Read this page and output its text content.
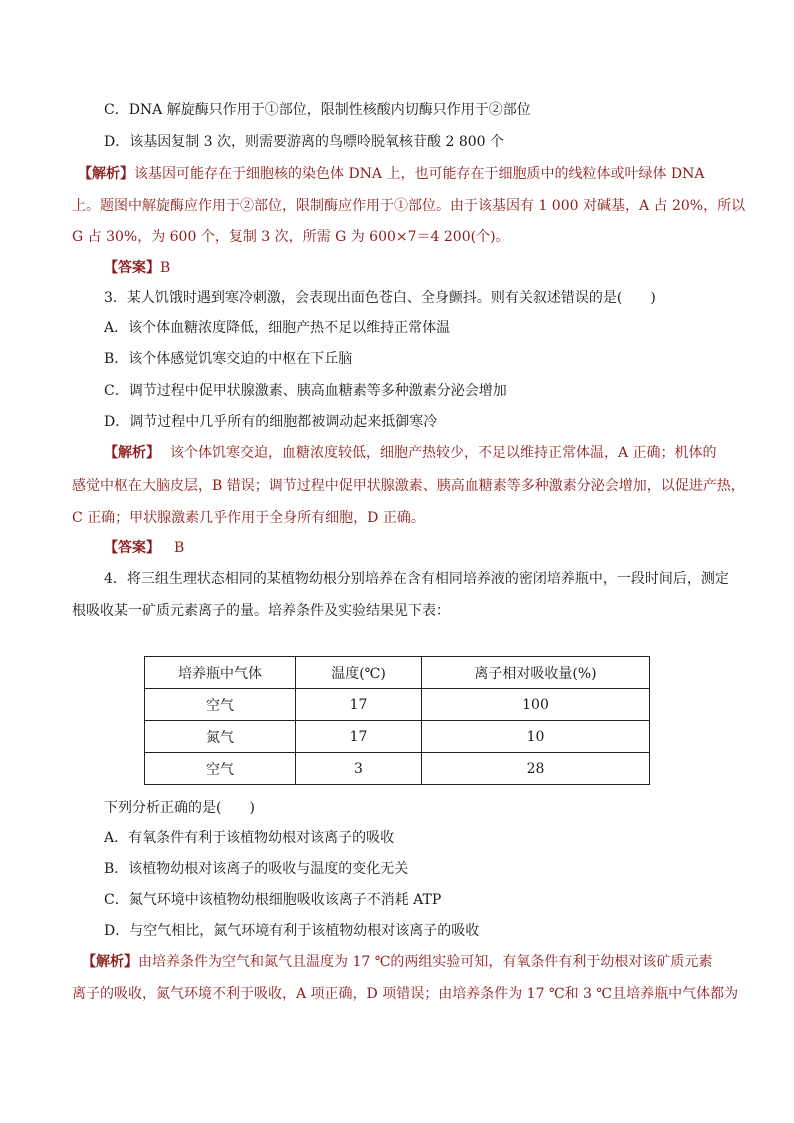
C．DNA 解旋酶只作用于①部位，限制性核酸内切酶只作用于②部位
D．该基因复制 3 次，则需要游离的鸟嘌呤脱氧核苷酸 2 800 个
【解析】该基因可能存在于细胞核的染色体 DNA 上，也可能存在于细胞质中的线粒体或叶绿体 DNA
上。题图中解旋酶应作用于②部位，限制酶应作用于①部位。由于该基因有 1 000 对碱基，A 占 20%，所以
G 占 30%，为 600 个，复制 3 次，所需 G 为 600×7＝4 200(个)。
【答案】B
3．某人饥饿时遇到寒冷刺激，会表现出面色苍白、全身颤抖。则有关叙述错误的是(　　)
A．该个体血糖浓度降低，细胞产热不足以维持正常体温
B．该个体感觉饥寒交迫的中枢在下丘脑
C．调节过程中促甲状腺激素、胰高血糖素等多种激素分泌会增加
D．调节过程中几乎所有的细胞都被调动起来抵御寒冷
【解析】 该个体饥寒交迫，血糖浓度较低，细胞产热较少，不足以维持正常体温，A 正确；机体的
感觉中枢在大脑皮层，B 错误；调节过程中促甲状腺激素、胰高血糖素等多种激素分泌会增加，以促进产热，
C 正确；甲状腺激素几乎作用于全身所有细胞，D 正确。
【答案】 B
4．将三组生理状态相同的某植物幼根分别培养在含有相同培养液的密闭培养瓶中，一段时间后，测定
根吸收某一矿质元素离子的量。培养条件及实验结果见下表：
培养瓶中气体	温度(℃)	离子相对吸收量(%)
空气	17	100
氮气	17	10
空气	3	28
下列分析正确的是(　　)
A．有氧条件有利于该植物幼根对该离子的吸收
B．该植物幼根对该离子的吸收与温度的变化无关
C．氮气环境中该植物幼根细胞吸收该离子不消耗 ATP
D．与空气相比，氮气环境有利于该植物幼根对该离子的吸收
【解析】由培养条件为空气和氮气且温度为 17 ℃的两组实验可知，有氧条件有利于幼根对该矿质元素
离子的吸收，氮气环境不利于吸收，A 项正确，D 项错误；由培养条件为 17 ℃和 3 ℃且培养瓶中气体都为
